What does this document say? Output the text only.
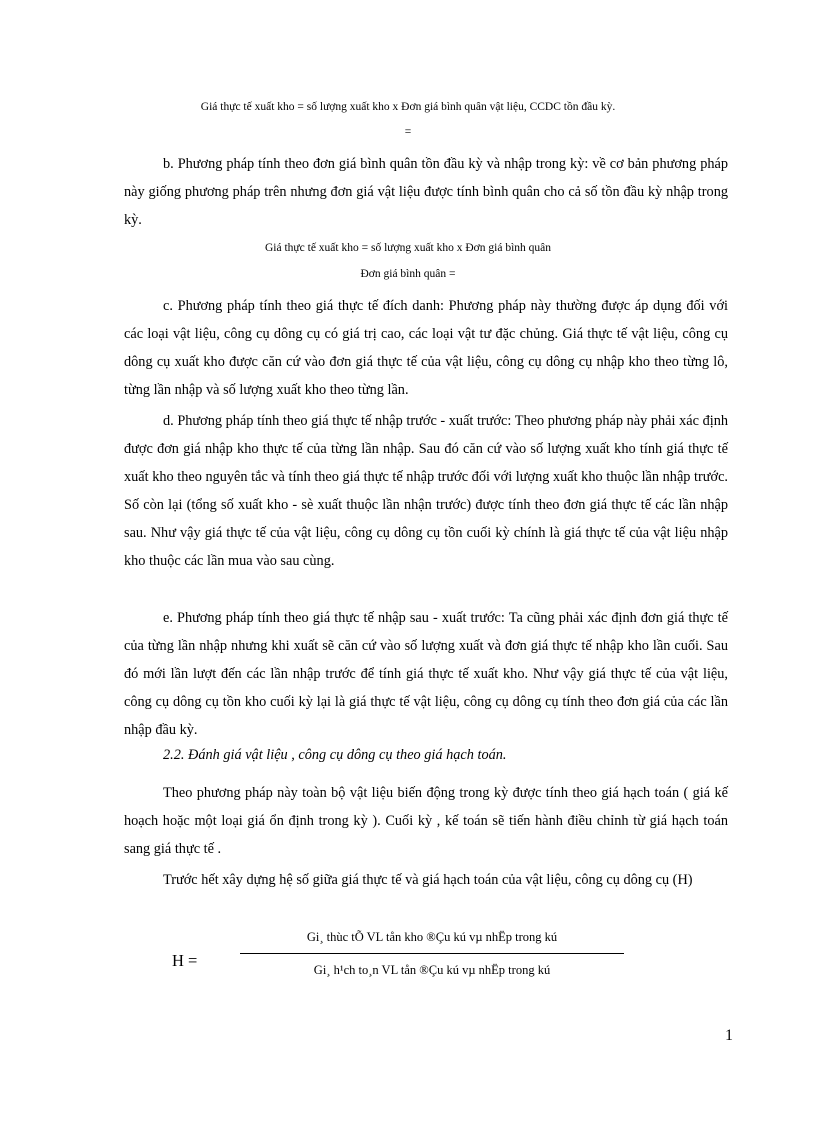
Giá thực tế xuất kho = số lượng xuất kho x Đơn giá bình quân vật liệu, CCDC tồn đầu kỳ.
=

b. Phương pháp tính theo đơn giá bình quân tồn đầu kỳ và nhập trong kỳ: về cơ bản phương pháp này giống phương pháp trên nhưng đơn giá vật liệu được tính bình quân cho cả số tồn đầu kỳ nhập trong kỳ.

Giá thực tế xuất kho = số lượng xuất kho x Đơn giá bình quân
Đơn giá bình quân =

c. Phương pháp tính theo giá thực tế đích danh: Phương pháp này thường được áp dụng đối với các loại vật liệu, công cụ dông cụ có giá trị cao, các loại vật tư đặc chủng. Giá thực tế vật liệu, công cụ dông cụ xuất kho được căn cứ vào đơn giá thực tế của vật liệu, công cụ dông cụ nhập kho theo từng lô, từng lần nhập và số lượng xuất kho theo từng lần.

d. Phương pháp tính theo giá thực tế nhập trước - xuất trước: Theo phương pháp này phải xác định được đơn giá nhập kho thực tế của từng lần nhập. Sau đó căn cứ vào số lượng xuất kho tính giá thực tế xuất kho theo nguyên tắc và tính theo giá thực tế nhập trước đối với lượng xuất kho thuộc lần nhập trước. Số còn lại (tổng số xuất kho - sè xuất thuộc lần nhận trước) được tính theo đơn giá thực tế các lần nhập sau. Như vậy giá thực tế của vật liệu, công cụ dông cụ tồn cuối kỳ chính là giá thực tế của vật liệu nhập kho thuộc các lần mua vào sau cùng.

e. Phương pháp tính theo giá thực tế nhập sau - xuất trước: Ta cũng phải xác định đơn giá thực tế của từng lần nhập nhưng khi xuất sẽ căn cứ vào số lượng xuất và đơn giá thực tế nhập kho lần cuối. Sau đó mới lần lượt đến các lần nhập trước để tính giá thực tế xuất kho. Như vậy giá thực tế của vật liệu, công cụ dông cụ tồn kho cuối kỳ lại là giá thực tế vật liệu, công cụ dông cụ tính theo đơn giá của các lần nhập đầu kỳ.

2.2. Đánh giá vật liệu , công cụ dông cụ theo giá hạch toán.

Theo phương pháp này toàn bộ vật liệu biến động trong kỳ được tính theo giá hạch toán ( giá kế hoạch hoặc một loại giá ổn định trong kỳ ). Cuối kỳ , kế toán sẽ tiến hành điều chỉnh từ giá hạch toán sang giá thực tế .

Trước hết xây dựng hệ số giữa giá thực tế và giá hạch toán của vật liệu, công cụ dông cụ (H)

H =
Gi¸ thùc tÕ VL tån kho ®Çu kú vµ nhËp trong kú
Gi¸ h¹ch to¸n VL tån ®Çu kú vµ nhËp trong kú
1
